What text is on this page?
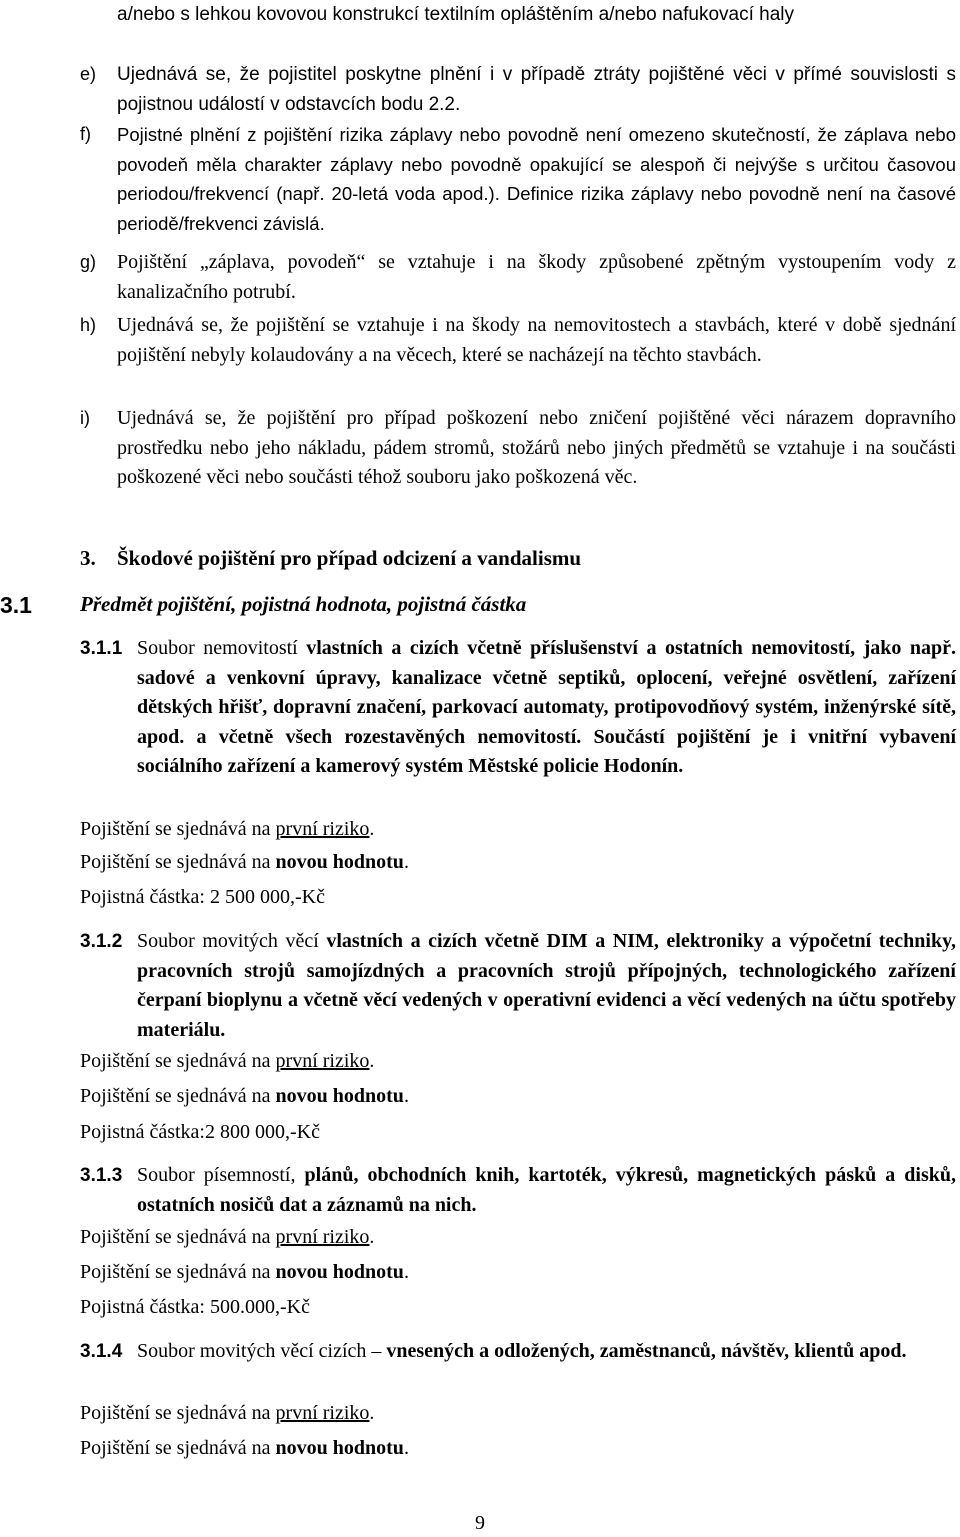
a/nebo s lehkou kovovou konstrukcí textilním opláštěním a/nebo nafukovací haly
e) Ujednává se, že pojistitel poskytne plnění i v případě ztráty pojištěné věci v přímé souvislosti s pojistnou událostí v odstavcích bodu 2.2.
f) Pojistné plnění z pojištění rizika záplavy nebo povodně není omezeno skutečností, že záplava nebo povodeň měla charakter záplavy nebo povodně opakující se alespoň či nejvýše s určitou časovou periodou/frekvencí (např. 20-letá voda apod.). Definice rizika záplavy nebo povodně není na časové periodě/frekvenci závislá.
g) Pojištění „záplava, povodeň“ se vztahuje i na škody způsobené zpětným vystoupením vody z kanalizačního potrubí.
h) Ujednává se, že pojištění se vztahuje i na škody na nemovitostech a stavbách, které v době sjednání pojištění nebyly kolaudovány a na věcech, které se nacházejí na těchto stavbách.
i) Ujednává se, že pojištění pro případ poškození nebo zničení pojištěné věci nárazem dopravního prostředku nebo jeho nákladu, pádem stromů, stožárů nebo jiných předmětů se vztahuje i na součásti poškozené věci nebo součásti téhož souboru jako poškozená věc.
3. Škodové pojištění pro případ odcizení a vandalismu
3.1 Předmět pojištění, pojistná hodnota, pojistná částka
3.1.1 Soubor nemovitostí vlastních a cizích včetně příslušenství a ostatních nemovitostí, jako např. sadové a venkovní úpravy, kanalizace včetně septiků, oplocení, veřejné osvětlení, zařízení dětských hřišť, dopravní značení, parkovací automaty, protipovodňový systém, inženýrské sítě, apod. a včetně všech rozestavěných nemovitostí. Součástí pojištění je i vnitřní vybavení sociálního zařízení a kamerový systém Městské policie Hodonín.
Pojištění se sjednává na první riziko.
Pojištění se sjednává na novou hodnotu.
Pojistná částka: 2 500 000,-Kč
3.1.2 Soubor movitých věcí vlastních a cizích včetně DIM a NIM, elektroniky a výpočetní techniky, pracovních strojů samojízdných a pracovních strojů přípojných, technologického zařízení čerpaní bioplynu a včetně věcí vedených v operativní evidenci a věcí vedených na účtu spotřeby materiálu.
Pojištění se sjednává na první riziko.
Pojištění se sjednává na novou hodnotu.
Pojistná částka:2 800 000,-Kč
3.1.3 Soubor písemností, plánů, obchodních knih, kartoték, výkresů, magnetických pásků a disků, ostatních nosičů dat a záznamů na nich.
Pojištění se sjednává na první riziko.
Pojištění se sjednává na novou hodnotu.
Pojistná částka: 500.000,-Kč
3.1.4 Soubor movitých věcí cizích – vnesených a odložených, zaměstnanců, návštěv, klientů apod.
Pojištění se sjednává na první riziko.
Pojištění se sjednává na novou hodnotu.
9
